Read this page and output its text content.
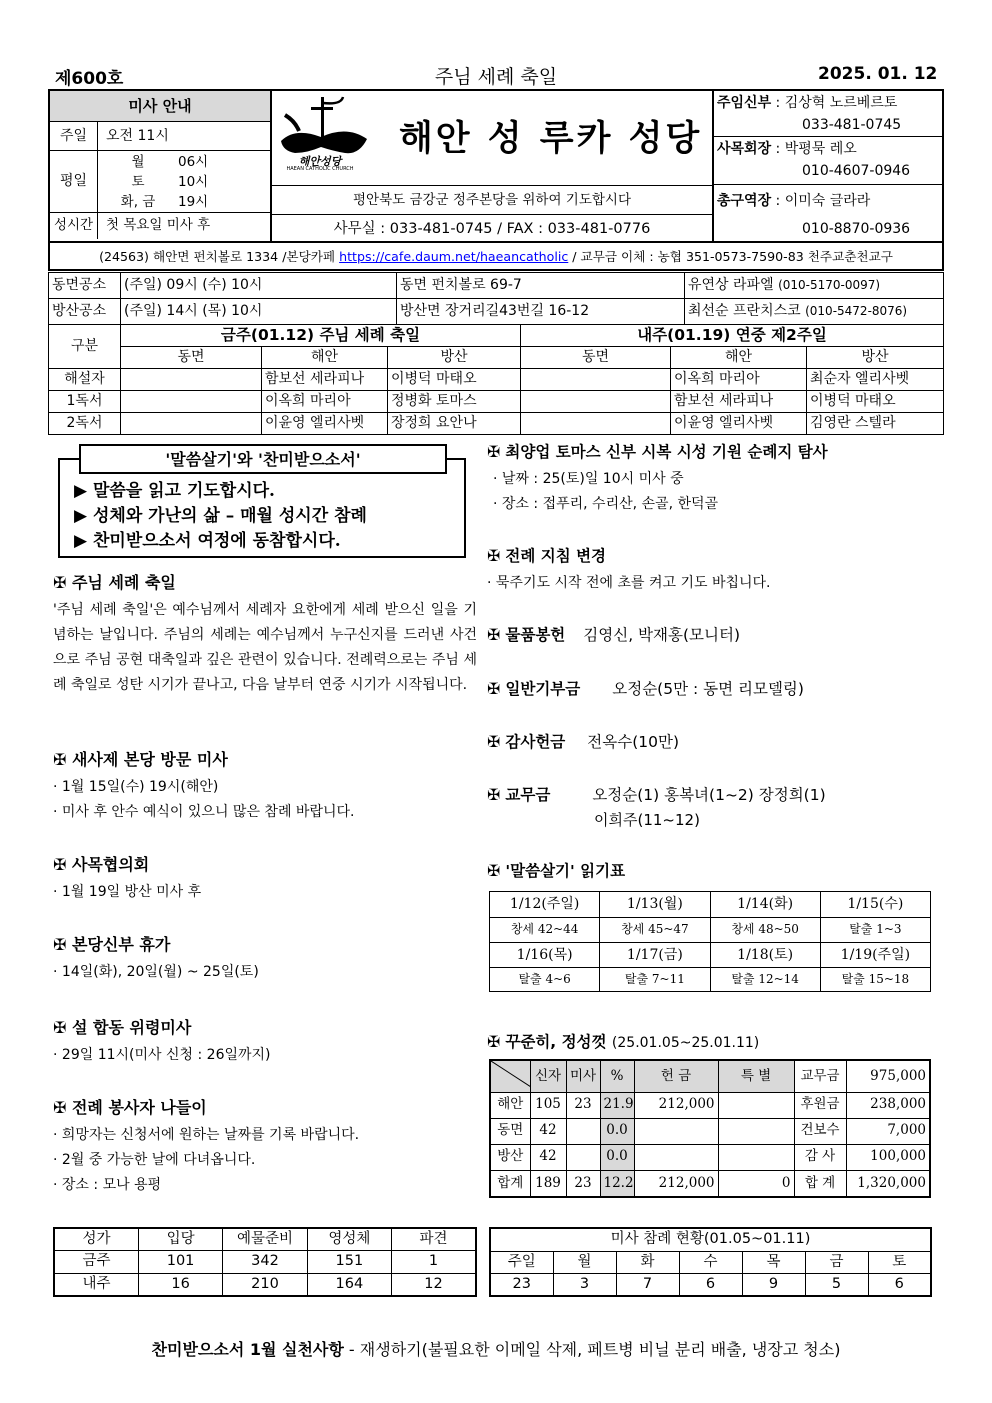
제600호	주님 세례 축일	2025. 01. 12
미사 안내
주일	오전 11시
평일
월	06시
토	10시
화, 금	19시
성시간 첫 목요일 미사 후
해안성당
HAEAN CATHOLIC CHURCH
해안 성 루카 성당
평안북도 금강군 정주본당을 위하여 기도합시다
사무실 : 033-481-0745 / FAX : 033-481-0776
주임신부 : 김상혁 노르베르토
033-481-0745
사목회장 : 박평묵 레오
010-4607-0946
총구역장 : 이미숙 글라라
010-8870-0936
(24563) 해안면 펀치볼로 1334 /본당카페 https://cafe.daum.net/haeancatholic / 교무금 이체 : 농협 351-0573-7590-83 천주교춘천교구
동면공소	(주일) 09시 (수) 10시	동면 펀치볼로 69-7	유연상 라파엘 (010-5170-0097)
방산공소	(주일) 14시 (목) 10시	방산면 장거리길43번길 16-12	최선순 프란치스코 (010-5472-8076)
구분	금주(01.12) 주님 세례 축일			내주(01.19) 연중 제2주일		
	동면	해안	방산	동면	해안	방산
해설자		함보선 세라피나	이병덕 마태오		이옥희 마리아	최순자 엘리사벳
1독서		이옥희 마리아	정병화 토마스		함보선 세라피나	이병덕 마태오
2독서		이윤영 엘리사벳	장정희 요안나		이윤영 엘리사벳	김영란 스텔라
'말씀살기'와 '찬미받으소서'
▶ 말씀을 읽고 기도합시다.
▶ 성체와 가난의 삶 – 매월 성시간 참례
▶ 찬미받으소서 여정에 동참합시다.
✠ 주님 세례 축일

'주님 세례 축일'은 예수님께서 세례자 요한에게 세례 받으신 일을 기념하는 날입니다. 주님의 세례는 예수님께서 누구신지를 드러낸 사건으로 주님 공현 대축일과 깊은 관련이 있습니다. 전례력으로는 주님 세례 축일로 성탄 시기가 끝나고, 다음 날부터 연중 시기가 시작됩니다.

✠ 새사제 본당 방문 미사
· 1월 15일(수) 19시(해안)
· 미사 후 안수 예식이 있으니 많은 참례 바랍니다.
✠ 사목협의회
· 1월 19일 방산 미사 후
✠ 본당신부 휴가
· 14일(화), 20일(월) ~ 25일(토)
✠ 설 합동 위령미사
· 29일 11시(미사 신청 : 26일까지)
✠ 전례 봉사자 나들이
· 희망자는 신청서에 원하는 날짜를 기록 바랍니다.
· 2월 중 가능한 날에 다녀옵니다.
· 장소 : 모나 용평
✠ 최양업 토마스 신부 시복 시성 기원 순례지 탐사
· 날짜 : 25(토)일 10시 미사 중
· 장소 : 접푸리, 수리산, 손골, 한덕골
✠ 전례 지침 변경
· 묵주기도 시작 전에 초를 켜고 기도 바칩니다.
✠ 물품봉헌 김영신, 박재홍(모니터)
✠ 일반기부금 오정순(5만 : 동면 리모델링)
✠ 감사헌금 전옥수(10만)
✠ 교무금	오정순(1) 홍복녀(1~2) 장정희(1)
이희주(11~12)
✠ '말씀살기' 읽기표
1/12(주일)	1/13(월)	1/14(화)	1/15(수)
창세 42~44	창세 45~47	창세 48~50	탈출 1~3
1/16(목)	1/17(금)	1/18(토)	1/19(주일)
탈출 4~6	탈출 7~11	탈출 12~14	탈출 15~18
✠ 꾸준히, 정성껏 (25.01.05~25.01.11)
	신자	미사	%	헌 금	특 별	교무금	975,000
해안	105	23	21.9	212,000		후원금	238,000
동면	42		0.0			건보수	7,000
방산	42		0.0			감 사	100,000
합계	189	23	12.2	212,000	0	합 계	1,320,000
성가	입당	예물준비	영성체	파견
금주	101	342	151	1
내주	16	210	164	12
미사 참례 현황(01.05~01.11)						
주일	월	화	수	목	금	토
23	3	7	6	9	5	6
찬미받으소서 1월 실천사항 - 재생하기(불필요한 이메일 삭제, 페트병 비닐 분리 배출, 냉장고 청소)
